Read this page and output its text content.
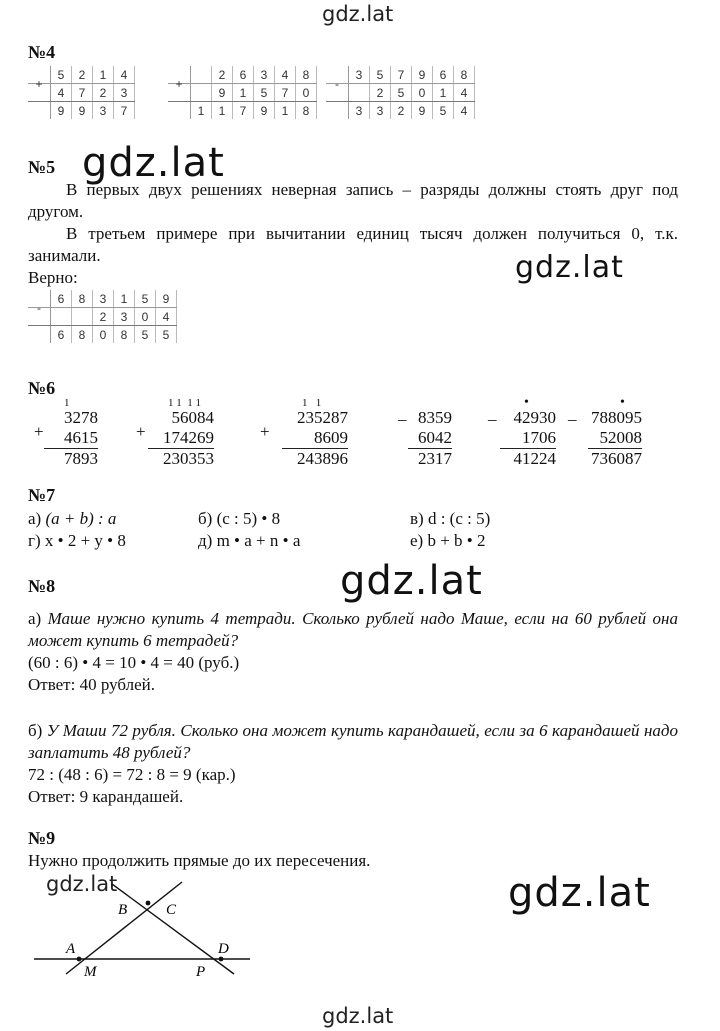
gdz.lat
gdz.lat
gdz.lat
gdz.lat
gdz.lat	gdz.lat
gdz.lat
№4
	5	2	1	4
+	4	7	2	3
	9	9	3	7
		2	6	3	4	8
+		9	1	5	7	0
	1	1	7	9	1	8
	3	5	7	9	6	8
-		2	5	0	1	4
	3	3	2	9	5	4
№5
В первых двух решениях неверная запись – разряды должны стоять друг под другом.
В третьем примере при вычитании единиц тысяч должен получиться 0, т.к. занимали.
Верно:
	6	8	3	1	5	9
-			2	3	0	4
	6	8	0	8	5	5
№6
+
1
3278
4615
7893
+
1 1  1 1
56084
174269
230353
+
1   1
235287
8609
243896
_ 8359
6042
2317
_
•
42930
1706
41224
_
•
788095
52008
736087
№7
а) (a + b) : a	б) (c : 5) • 8	в) d : (c : 5)
г) x • 2 + y • 8	д) m • a + n • a	е) b + b • 2
№8
а) Маше нужно купить 4 тетради. Сколько рублей надо Маше, если на 60 рублей она может купить 6 тетрадей?
(60 : 6) • 4 = 10 • 4 = 40 (руб.)
Ответ: 40 рублей.
б) У Маши 72 рубля. Сколько она может купить карандашей, если за 6 карандашей надо заплатить 48 рублей?
72 : (48 : 6) = 72 : 8 = 9 (кар.)
Ответ: 9 карандашей.
№9
Нужно продолжить прямые до их пересечения.
A
B	C
D
M	P
